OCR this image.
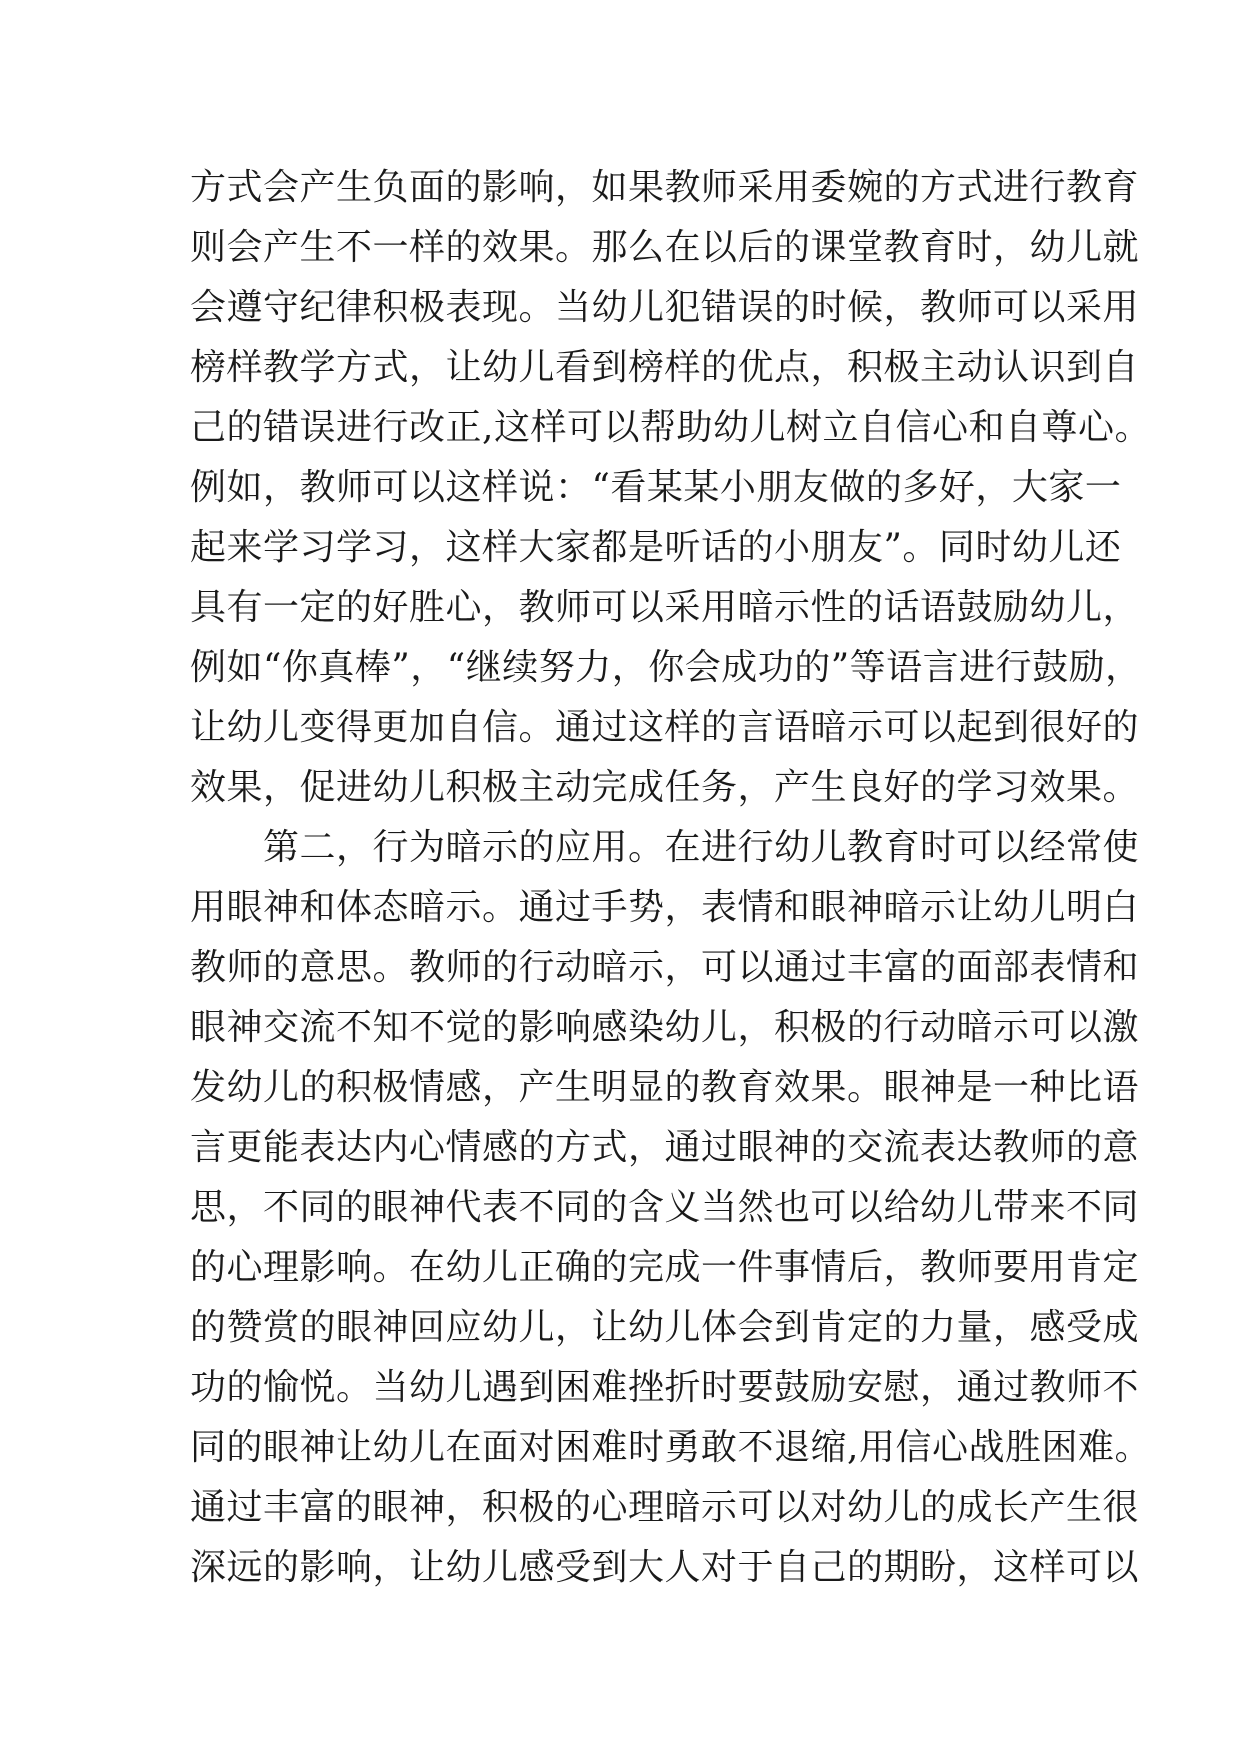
方式会产生负面的影响，如果教师采用委婉的方式进行教育
则会产生不一样的效果。那么在以后的课堂教育时，幼儿就
会遵守纪律积极表现。当幼儿犯错误的时候，教师可以采用
榜样教学方式，让幼儿看到榜样的优点，积极主动认识到自
己的错误进行改正,这样可以帮助幼儿树立自信心和自尊心。
例如，教师可以这样说：“看某某小朋友做的多好，大家一
起来学习学习，这样大家都是听话的小朋友”。同时幼儿还
具有一定的好胜心，教师可以采用暗示性的话语鼓励幼儿，
例如“你真棒”，“继续努力，你会成功的”等语言进行鼓励，
让幼儿变得更加自信。通过这样的言语暗示可以起到很好的
效果，促进幼儿积极主动完成任务，产生良好的学习效果。
　　第二，行为暗示的应用。在进行幼儿教育时可以经常使
用眼神和体态暗示。通过手势，表情和眼神暗示让幼儿明白
教师的意思。教师的行动暗示，可以通过丰富的面部表情和
眼神交流不知不觉的影响感染幼儿，积极的行动暗示可以激
发幼儿的积极情感，产生明显的教育效果。眼神是一种比语
言更能表达内心情感的方式，通过眼神的交流表达教师的意
思，不同的眼神代表不同的含义当然也可以给幼儿带来不同
的心理影响。在幼儿正确的完成一件事情后，教师要用肯定
的赞赏的眼神回应幼儿，让幼儿体会到肯定的力量，感受成
功的愉悦。当幼儿遇到困难挫折时要鼓励安慰，通过教师不
同的眼神让幼儿在面对困难时勇敢不退缩,用信心战胜困难。
通过丰富的眼神，积极的心理暗示可以对幼儿的成长产生很
深远的影响，让幼儿感受到大人对于自己的期盼，这样可以
